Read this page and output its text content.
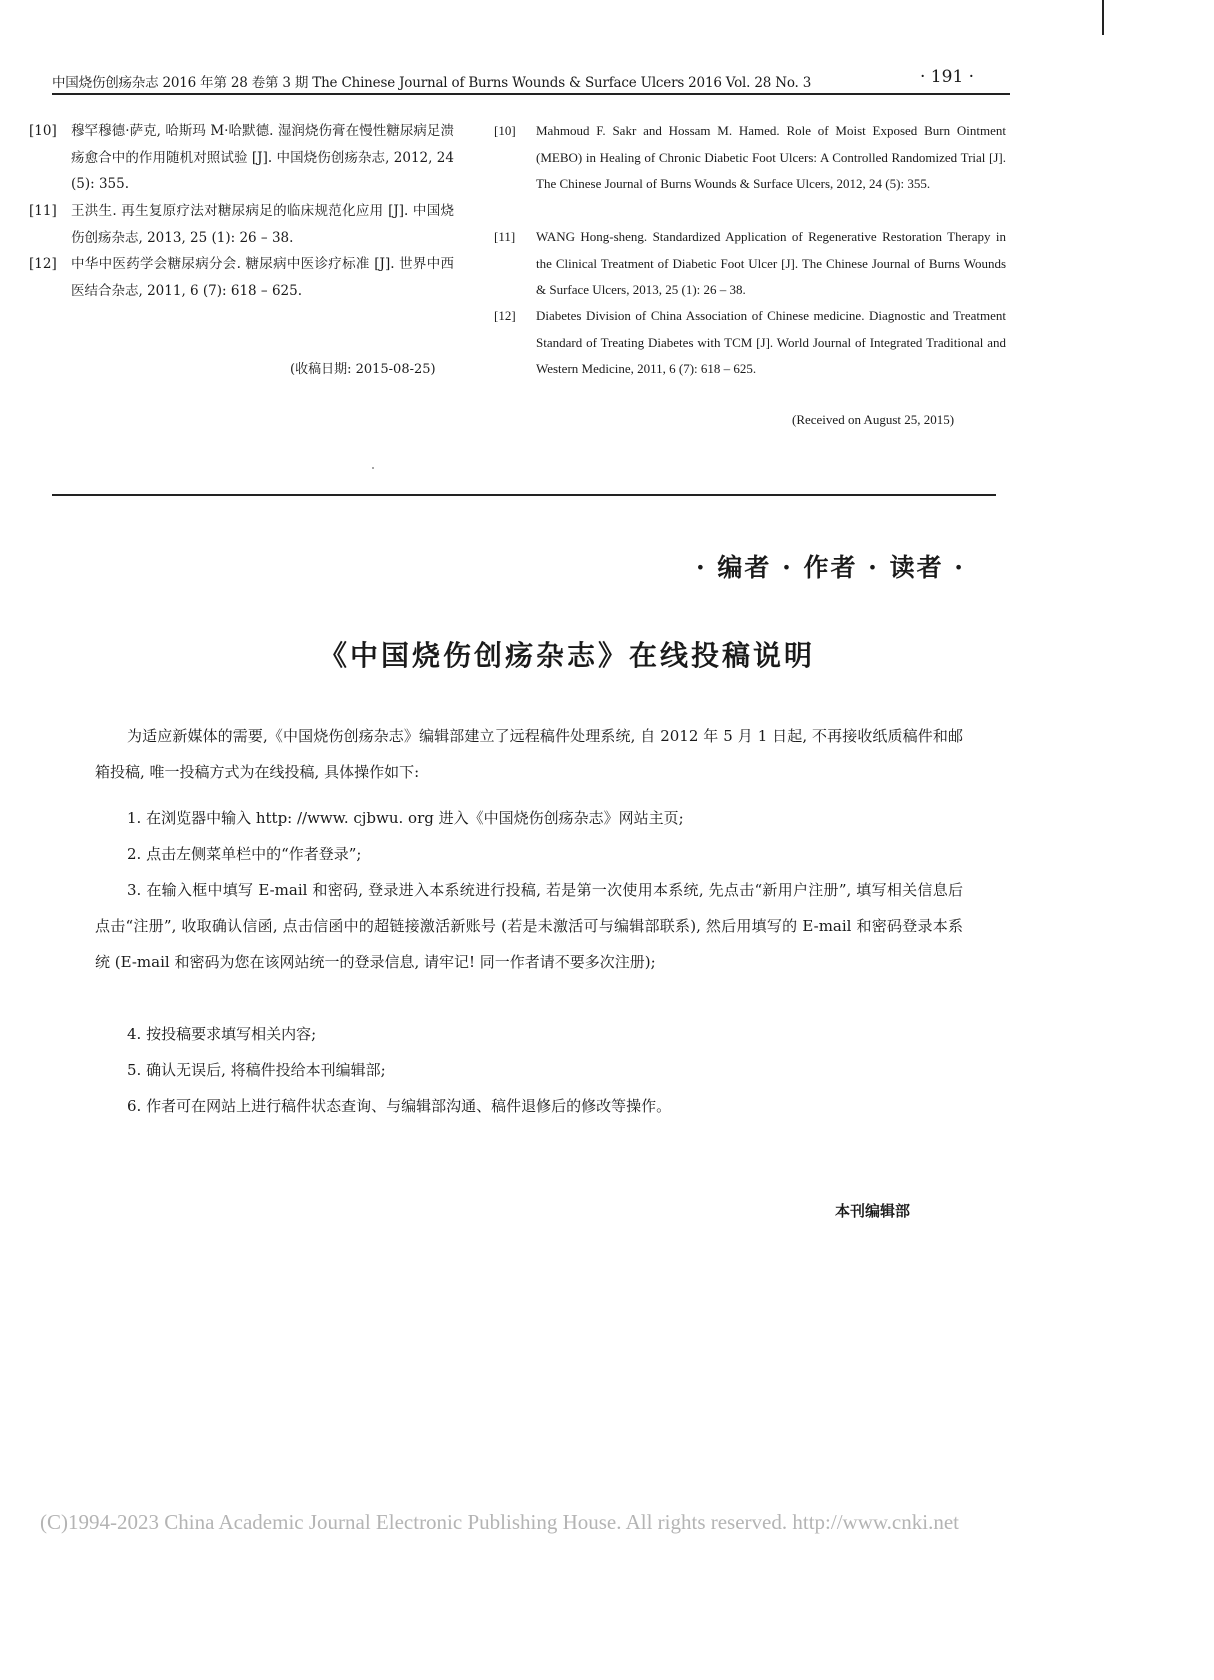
中国烧伤创疡杂志 2016 年第 28 卷第 3 期 The Chinese Journal of Burns Wounds & Surface Ulcers 2016 Vol. 28 No. 3	· 191 ·
[10] 穆罕穆德·萨克, 哈斯玛 M·哈默德. 湿润烧伤膏在慢性糖尿病足溃疡愈合中的作用随机对照试验 [J]. 中国烧伤创疡杂志, 2012, 24 (5): 355.
[11] 王洪生. 再生复原疗法对糖尿病足的临床规范化应用 [J]. 中国烧伤创疡杂志, 2013, 25 (1): 26 – 38.
[12] 中华中医药学会糖尿病分会. 糖尿病中医诊疗标准 [J]. 世界中西医结合杂志, 2011, 6 (7): 618 – 625.
(收稿日期: 2015-08-25)
[10] Mahmoud F. Sakr and Hossam M. Hamed. Role of Moist Exposed Burn Ointment (MEBO) in Healing of Chronic Diabetic Foot Ulcers: A Controlled Randomized Trial [J]. The Chinese Journal of Burns Wounds & Surface Ulcers, 2012, 24 (5): 355.
[11] WANG Hong-sheng. Standardized Application of Regenerative Restoration Therapy in the Clinical Treatment of Diabetic Foot Ulcer [J]. The Chinese Journal of Burns Wounds & Surface Ulcers, 2013, 25 (1): 26 – 38.
[12] Diabetes Division of China Association of Chinese medicine. Diagnostic and Treatment Standard of Treating Diabetes with TCM [J]. World Journal of Integrated Traditional and Western Medicine, 2011, 6 (7): 618 – 625.
(Received on August 25, 2015)
· 编者 · 作者 · 读者 ·
《中国烧伤创疡杂志》在线投稿说明
为适应新媒体的需要,《中国烧伤创疡杂志》编辑部建立了远程稿件处理系统, 自 2012 年 5 月 1 日起, 不再接收纸质稿件和邮箱投稿, 唯一投稿方式为在线投稿, 具体操作如下:
1. 在浏览器中输入 http: //www. cjbwu. org 进入《中国烧伤创疡杂志》网站主页;
2. 点击左侧菜单栏中的“作者登录”;
3. 在输入框中填写 E-mail 和密码, 登录进入本系统进行投稿, 若是第一次使用本系统, 先点击“新用户注册”, 填写相关信息后点击“注册”, 收取确认信函, 点击信函中的超链接激活新账号 (若是未激活可与编辑部联系), 然后用填写的 E-mail 和密码登录本系统 (E-mail 和密码为您在该网站统一的登录信息, 请牢记! 同一作者请不要多次注册);
4. 按投稿要求填写相关内容;
5. 确认无误后, 将稿件投给本刊编辑部;
6. 作者可在网站上进行稿件状态查询、与编辑部沟通、稿件退修后的修改等操作。
本刊编辑部
(C)1994-2023 China Academic Journal Electronic Publishing House. All rights reserved. http://www.cnki.net
